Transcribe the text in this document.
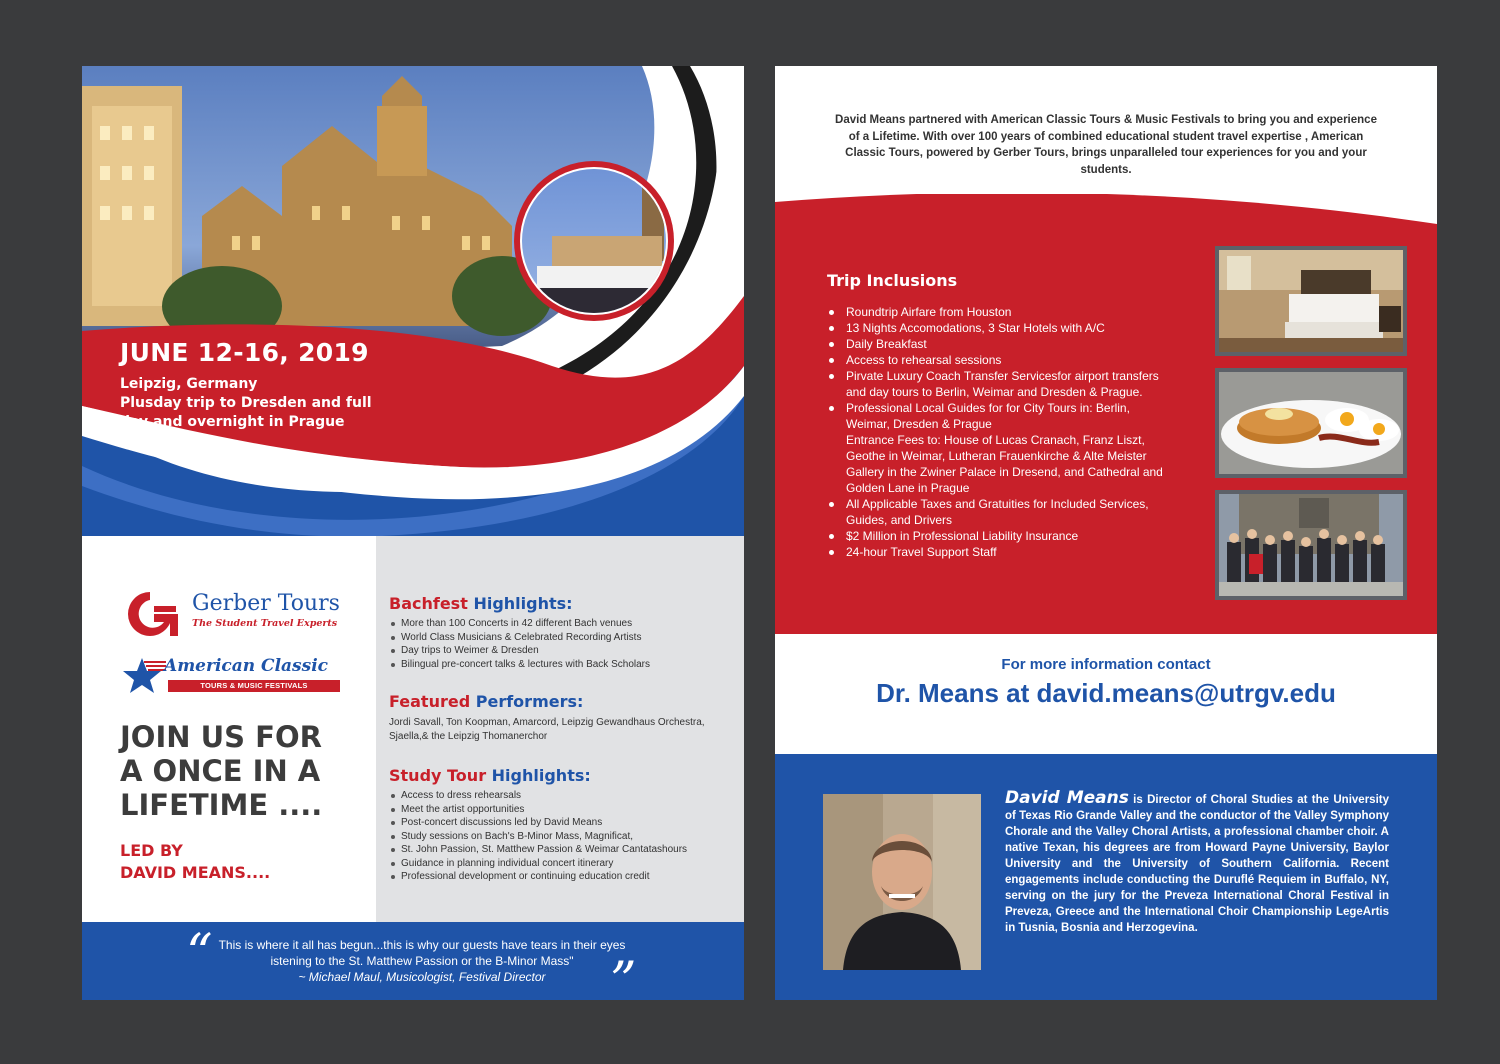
JUNE 12-16, 2019
Leipzig, Germany
Plusday trip to Dresden and full
day and overnight in Prague
Gerber Tours
The Student Travel Experts
American Classic
TOURS & MUSIC FESTIVALS
JOIN US FOR
A ONCE IN A
LIFETIME ....
LED BY
DAVID MEANS....
Bachfest Highlights:
More than 100 Concerts in 42 different Bach venues
World Class Musicians & Celebrated Recording Artists
Day trips to Weimer & Dresden
Bilingual pre-concert talks & lectures with Back Scholars
Featured Performers:

Jordi Savall, Ton Koopman, Amarcord, Leipzig Gewandhaus Orchestra, Sjaella,& the Leipzig Thomanerchor

Study Tour Highlights:
Access to dress rehearsals
Meet the artist opportunities
Post-concert discussions led by David Means
Study sessions on Bach's B-Minor Mass, Magnificat,
St. John Passion, St. Matthew Passion & Weimar Cantatashours
Guidance in planning individual concert itinerary
Professional development or continuing education credit
“ This is where it all has begun...this is why our guests have tears in their eyes istening to the St. Matthew Passion or the B-Minor Mass"
~ Michael Maul, Musicologist, Festival Director	”
David Means partnered with American Classic Tours & Music Festivals to bring you and experience of a Lifetime. With over 100 years of combined educational student travel expertise , American Classic Tours, powered by Gerber Tours, brings unparalleled tour experiences for you and your students.
Trip Inclusions
Roundtrip Airfare from Houston
13 Nights Accomodations, 3 Star Hotels with A/C
Daily Breakfast
Access to rehearsal sessions
Pirvate Luxury Coach Transfer Servicesfor airport transfers and day tours to Berlin, Weimar and Dresden & Prague.
Professional Local Guides for for City Tours in: Berlin, Weimar, Dresden & Prague
Entrance Fees to: House of Lucas Cranach, Franz Liszt, Geothe in Weimar, Lutheran Frauenkirche & Alte Meister Gallery in the Zwiner Palace in Dresend, and Cathedral and Golden Lane in Prague
All Applicable Taxes and Gratuities for Included Services, Guides, and Drivers
$2 Million in Professional Liability Insurance
24-hour Travel Support Staff
For more information contact
Dr. Means at david.means@utrgv.edu
David Means is Director of Choral Studies at the University of Texas Rio Grande Valley and the conductor of the Valley Symphony Chorale and the Valley Choral Artists, a professional chamber choir. A native Texan, his degrees are from Howard Payne University, Baylor University and the University of Southern California. Recent engagements include conducting the Duruflé Requiem in Buffalo, NY, serving on the jury for the Preveza International Choral Festival in Preveza, Greece and the International Choir Championship LegeArtis in Tusnia, Bosnia and Herzogevina.
